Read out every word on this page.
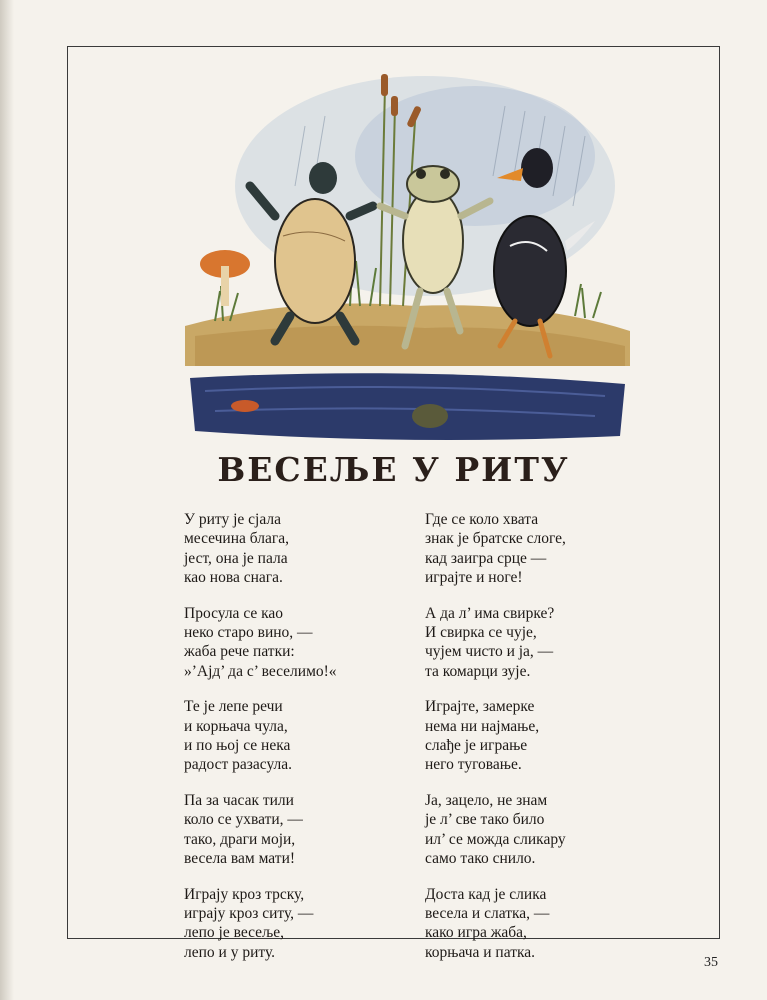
ВЕСЕЉЕ У РИТУ
У риту је сјала
месечина блага,
јест, она је пала
као нова снага.
Просула се као
неко старо вино, —
жаба рече патки:
»’Ајд’ да с’ веселимо!«
Те је лепе речи
и корњача чула,
и по њој се нека
радост разасула.
Па за часак тили
коло се ухвати, —
тако, драги моји,
весела вам мати!
Играју кроз трску,
играју кроз ситу, —
лепо је весеље,
лепо и у риту.
Где се коло хвата
знак је братске слоге,
кад заигра срце —
играјте и ноге!
А да л’ има свирке?
И свирка се чује,
чујем чисто и ја, —
та комарци зује.
Играјте, замерке
нема ни најмање,
слађе је играње
него туговање.
Ја, зацело, не знам
је л’ све тако било
ил’ се можда сликару
само тако снило.
Доста кад је слика
весела и слатка, —
како игра жаба,
корњача и патка.
35
